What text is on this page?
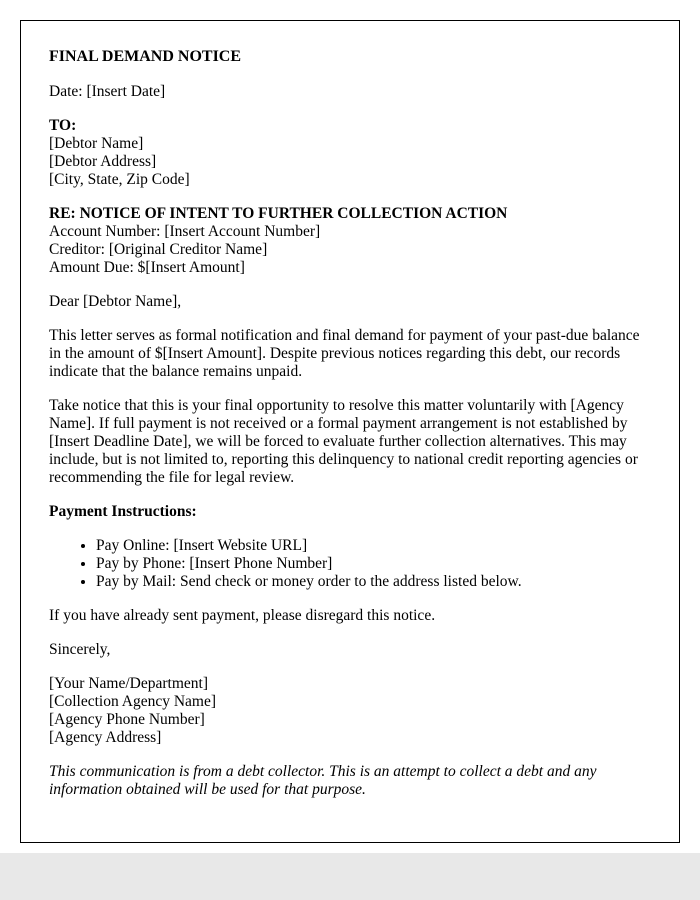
FINAL DEMAND NOTICE

Date: [Insert Date]

TO:

[Debtor Name]

[Debtor Address]

[City, State, Zip Code]

RE: NOTICE OF INTENT TO FURTHER COLLECTION ACTION

Account Number: [Insert Account Number]

Creditor: [Original Creditor Name]

Amount Due: $[Insert Amount]

Dear [Debtor Name],

This letter serves as formal notification and final demand for payment of your past-due balance in the amount of $[Insert Amount]. Despite previous notices regarding this debt, our records indicate that the balance remains unpaid.

Take notice that this is your final opportunity to resolve this matter voluntarily with [Agency Name]. If full payment is not received or a formal payment arrangement is not established by [Insert Deadline Date], we will be forced to evaluate further collection alternatives. This may include, but is not limited to, reporting this delinquency to national credit reporting agencies or recommending the file for legal review.

Payment Instructions:

• Pay Online: [Insert Website URL]
• Pay by Phone: [Insert Phone Number]
• Pay by Mail: Send check or money order to the address listed below.

If you have already sent payment, please disregard this notice.

Sincerely,

[Your Name/Department]

[Collection Agency Name]

[Agency Phone Number]

[Agency Address]

This communication is from a debt collector. This is an attempt to collect a debt and any information obtained will be used for that purpose.
